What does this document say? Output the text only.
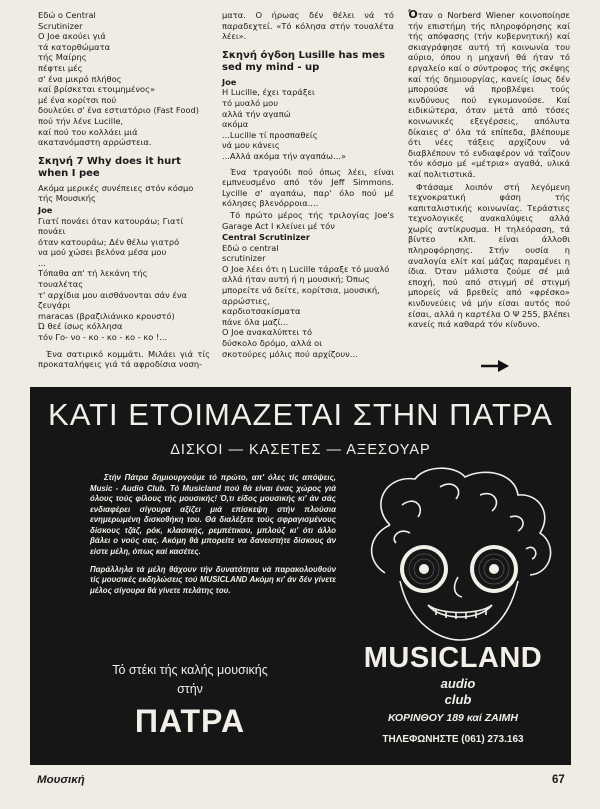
Εδώ ο Central
Scrutinizer
Ο Joe ακούει γιά
τά κατορθώματα
τής Μαίρης
πέφτει μές
σ' ένα μικρό πλήθος
καί βρίσκεται ετοιμημένος»
μέ ένα κορίτσι πού
δουλεύει σ' ένα εστιατόριο (Fast Food)
πού τήν λένε Lucille,
καί πού του κολλάει μιά
ακατανόμαστη αρρώστεια.
Σκηνή 7 Why does it hurt when I pee

Ακόμα μερικές συνέπειες στόν κόσμο τής Μουσικής

Joe
Γιατί πονάει όταν κατουράω; Γιατί πονάει
όταν κατουράω; Δέν θέλω γιατρό
να μού χώσει βελόνα μέσα μου
...
Τόπαθα απ' τή λεκάνη τής
τουαλέτας
τ' αρχίδια μου αισθάνονται σάν ένα ζευγάρι
maracas (βραζιλιάνικο κρουστό)
Ώ θεέ ίσως κόλλησα
τόν Γο- νο - κο - κο - κο - κο !...

Ένα σατιρικό κομμάτι. Μιλάει γιά τίς προκαταλήψεις γιά τά αφροδίσια νοση-

ματα. Ο ήρωας δέν θέλει νά τό παραδεχτεί. «Τό κόλησα στήν τουαλέτα λέει».

Σκηνή όγδοη Lusille has mes sed my mind - up
Joe
Η Lucille, έχει ταράξει
τό μυαλό μου
αλλά τήν αγαπώ
ακόμα
...Lucille τί προσπαθείς
νά μου κάνεις
...Αλλά ακόμα τήν αγαπάω...»

Ένα τραγούδι πού όπως λέει, είναι εμπνευσμένο από τόν Jeff Simmons. Lycille σ' αγαπάω, παρ' όλο πού μέ κόλησες βλενόρροια....

Τό πρώτο μέρος τής τριλογίας Joe's Garage Act I κλείνει μέ τόν

Central Scrutinizer
Εδώ ο central
scrutinizer
Ο Joe λέει ότι η Lucille τάραξε τό μυαλό
αλλά ήταν αυτή ή η μουσική; Όπως μπορείτε νά δείτε, κορίτσια, μουσική, αρρώστιες,
καρδιοτσακίσματα
πάνε όλα μαζί...
Ο Joe ανακαλύπτει τό
δύσκολο δρόμο, αλλά οι
σκοτούρες μόλις πού αρχίζουν...

Όταν ο Norberd Wiener κοινοποίησε τήν επιστήμη τής πληροφόρησης καί τής απόφασης (τήν κυβερνητική) καί σκιαγράφησε αυτή τή κοινωνία του αύριο, όπου η μηχανή θά ήταν τό εργαλείο καί ο σύντροφος τής σκέψης καί τής δημιουργίας, κανείς ίσως δέν μπορούσε νά προβλέψει τούς κινδύνους πού εγκυμονούσε. Καί ειδικώτερα, όταν μετά από τόσες κοινωνικές εξεγέρσεις, απόλυτα δίκαιες σ' όλα τά επίπεδα, βλέπουμε ότι νέες τάξεις αρχίζουν νά διαβλέπουν τό ενδιαφέρον νά ταΐζουν τόν κόσμο μέ «μέτρια» αγαθά, υλικά καί πολιτιστικά.

Φτάσαμε λοιπόν στή λεγόμενη τεχνοκρατική φάση τής καπιταλιστικής κοινωνίας. Τεράστιες τεχνολογικές ανακαλύψεις αλλά χωρίς αντίκρυσμα. Η τηλεόραση, τά βίντεο κλπ. είναι άλλοθι πληροφόρησης. Στήν ουσία η αναλογία ελίτ καί μάζας παραμένει η ίδια. Όταν μάλιστα ζούμε σέ μιά εποχή, πού από στιγμή σέ στιγμή μπορείς νά βρεθείς από «φρέσκο» κινδυνεύεις νά μήν είσαι αυτός πού είσαι, αλλά η καρτέλα Ο Ψ 255, βλέπει κανείς πιά καθαρά τόν κίνδυνο.

ΚΑΤΙ ΕΤΟΙΜΑΖΕΤΑΙ ΣΤΗΝ ΠΑΤΡΑ
ΔΙΣΚΟΙ — ΚΑΣΕΤΕΣ — ΑΞΕΣΟΥΑΡ

Στήν Πάτρα δημιουργούμε τό πρώτο, απ' όλες τίς απόψεις, Music - Audio Club. Τό Musicland πού θά είναι ένας χώρος γιά όλους τούς φίλους τής μουσικής! Ό,τι είδος μουσικής κι' άν σάς ενδιαφέρει σίγουρα αξίζει μιά επίσκεψη στήν πλούσια ενημερωμένη δισκοθήκη του. Θά διαλέξετε τούς σφραγισμένους δίσκους τζάζ, ρόκ, κλασικής, ρεμπέτικου, μπλούζ κι' ότι άλλο βάλει ο νούς σας. Ακόμη θά μπορείτε να δανειστήτε δίσκους άν είστε μέλη, όπως καί κασέτες.

Παράλληλα τά μέλη θάχουν τήν δυνατότητα νά παρακολουθούν τίς μουσικές εκδηλώσεις τού MUSICLAND Ακόμη κι' άν δέν γίνετε μέλος σίγουρα θά γίνετε πελάτης του.

Τό στέκι τής καλής μουσικής
στήν
ΠΑΤΡΑ
MUSICLAND
audio
club
ΚΟΡΙΝΘΟΥ 189 καί ΖΑΙΜΗ
ΤΗΛΕΦΩΝΗΣΤΕ (061) 273.163
Μουσική	67
